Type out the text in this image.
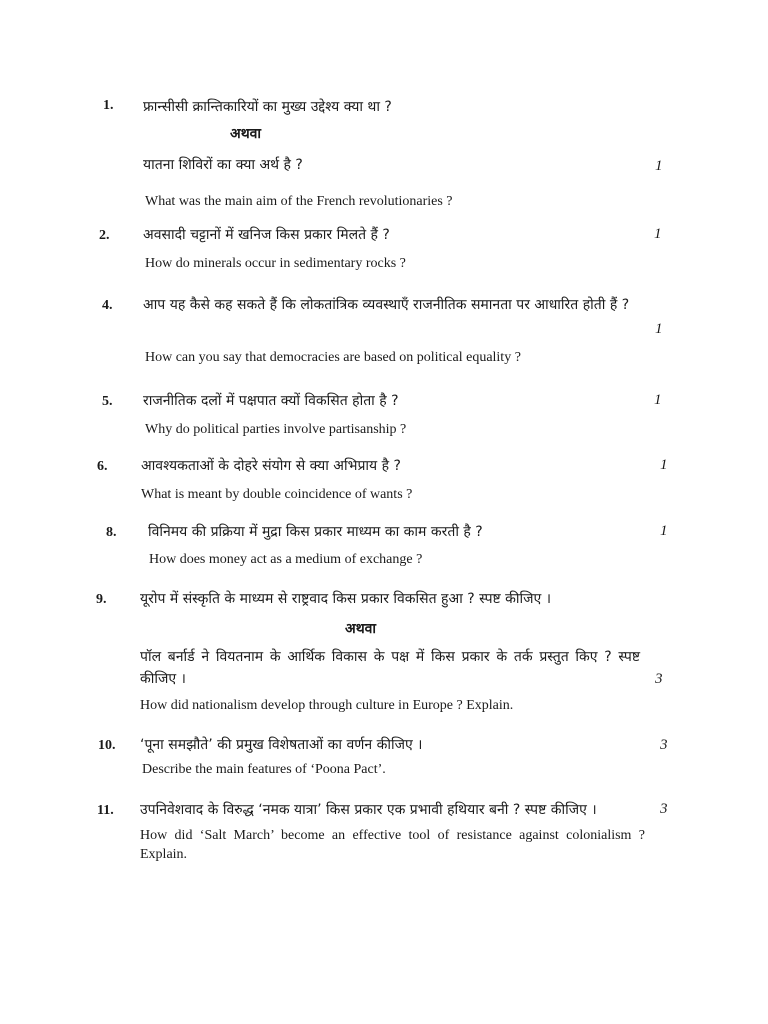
1. फ्रान्सीसी क्रान्तिकारियों का मुख्य उद्देश्य क्या था ?
अथवा
यातना शिविरों का क्या अर्थ है ?	1
What was the main aim of the French revolutionaries ?
2. अवसादी चट्टानों में खनिज किस प्रकार मिलते हैं ?	1
How do minerals occur in sedimentary rocks ?
4. आप यह कैसे कह सकते हैं कि लोकतांत्रिक व्यवस्थाएँ राजनीतिक समानता पर आधारित होती हैं ?
1
How can you say that democracies are based on political equality ?
5. राजनीतिक दलों में पक्षपात क्यों विकसित होता है ?	1
Why do political parties involve partisanship ?
6. आवश्यकताओं के दोहरे संयोग से क्या अभिप्राय है ?	1
What is meant by double coincidence of wants ?
8. विनिमय की प्रक्रिया में मुद्रा किस प्रकार माध्यम का काम करती है ?	1
How does money act as a medium of exchange ?
9. यूरोप में संस्कृति के माध्यम से राष्ट्रवाद किस प्रकार विकसित हुआ ? स्पष्ट कीजिए ।
अथवा
पॉल बर्नार्ड ने वियतनाम के आर्थिक विकास के पक्ष में किस प्रकार के तर्क प्रस्तुत किए ? स्पष्ट कीजिए ।	3
How did nationalism develop through culture in Europe ? Explain.
10. ‘पूना समझौते’ की प्रमुख विशेषताओं का वर्णन कीजिए ।	3
Describe the main features of ‘Poona Pact’.
11. उपनिवेशवाद के विरुद्ध ‘नमक यात्रा’ किस प्रकार एक प्रभावी हथियार बनी ? स्पष्ट कीजिए ।	3
How did ‘Salt March’ become an effective tool of resistance against colonialism ? Explain.
